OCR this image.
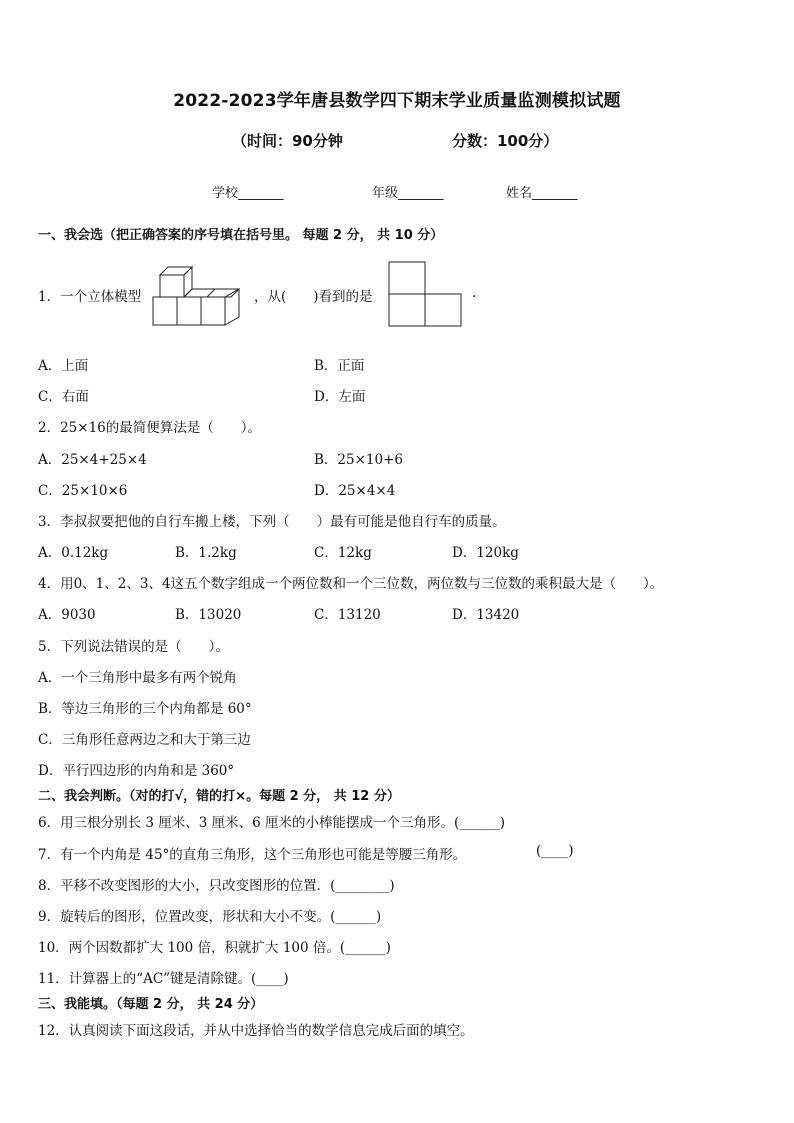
2022-2023学年唐县数学四下期末学业质量监测模拟试题
（时间：90分钟	分数：100分）
学校_______	年级_______	姓名_______
一、我会选（把正确答案的序号填在括号里。 每题 2 分， 共 10 分）
1．一个立体模型	，从(　　)看到的是	.
A．上面	B．正面
C．右面	D．左面
2．25×16的最简便算法是（　　）。
A．25×4+25×4	B．25×10+6
C．25×10×6	D．25×4×4
3．李叔叔要把他的自行车搬上楼，下列（　　）最有可能是他自行车的质量。
A．0.12kg	B．1.2kg	C．12kg	D．120kg
4．用0、1、2、3、4这五个数字组成一个两位数和一个三位数，两位数与三位数的乘积最大是（　　）。
A．9030	B．13020	C．13120	D．13420
5．下列说法错误的是（　　）。
A．一个三角形中最多有两个锐角
B．等边三角形的三个内角都是 60°
C．三角形任意两边之和大于第三边
D．平行四边形的内角和是 360°
二、我会判断。（对的打√，错的打×。每题 2 分， 共 12 分）
6．用三根分别长 3 厘米、3 厘米、6 厘米的小棒能摆成一个三角形。(______)
7．有一个内角是 45°的直角三角形，这个三角形也可能是等腰三角形。	(____)
8．平移不改变图形的大小，只改变图形的位置．(________)
9．旋转后的图形，位置改变，形状和大小不变。(______)
10．两个因数都扩大 100 倍，积就扩大 100 倍。(______)
11．计算器上的“AC”键是清除键。(____)
三、我能填。（每题 2 分， 共 24 分）
12．认真阅读下面这段话，并从中选择恰当的数学信息完成后面的填空。
